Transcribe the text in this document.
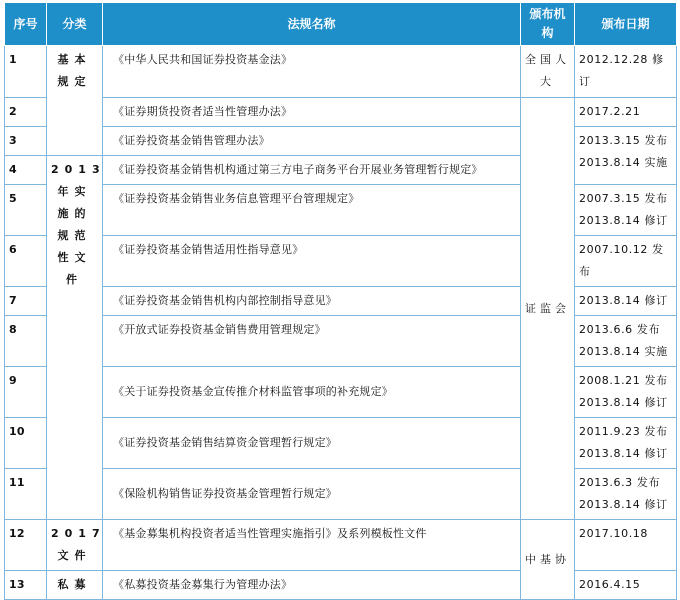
序号	分类	法规名称	颁布机构	颁布日期
1	基本规定	《中华人民共和国证券投资基金法》	全国人大	2012.12.28 修订
2		《证券期货投资者适当性管理办法》	证监会	2017.2.21
3		《证券投资基金销售管理办法》		2013.3.15 发布
2013.8.14 实施
4	2013年实施的规范性文件	《证券投资基金销售机构通过第三方电子商务平台开展业务管理暂行规定》		
5		《证券投资基金销售业务信息管理平台管理规定》		2007.3.15 发布
2013.8.14 修订
6		《证券投资基金销售适用性指导意见》		2007.10.12 发布
7		《证券投资基金销售机构内部控制指导意见》		2013.8.14 修订
8		《开放式证券投资基金销售费用管理规定》		2013.6.6 发布
2013.8.14 实施
9		《关于证券投资基金宣传推介材料监管事项的补充规定》		2008.1.21 发布
2013.8.14 修订
10		《证券投资基金销售结算资金管理暂行规定》		2011.9.23 发布
2013.8.14 修订
11		《保险机构销售证券投资基金管理暂行规定》		2013.6.3 发布
2013.8.14 修订
12	2017文件	《基金募集机构投资者适当性管理实施指引》及系列模板性文件	中基协	2017.10.18
13	私募	《私募投资基金募集行为管理办法》		2016.4.15
